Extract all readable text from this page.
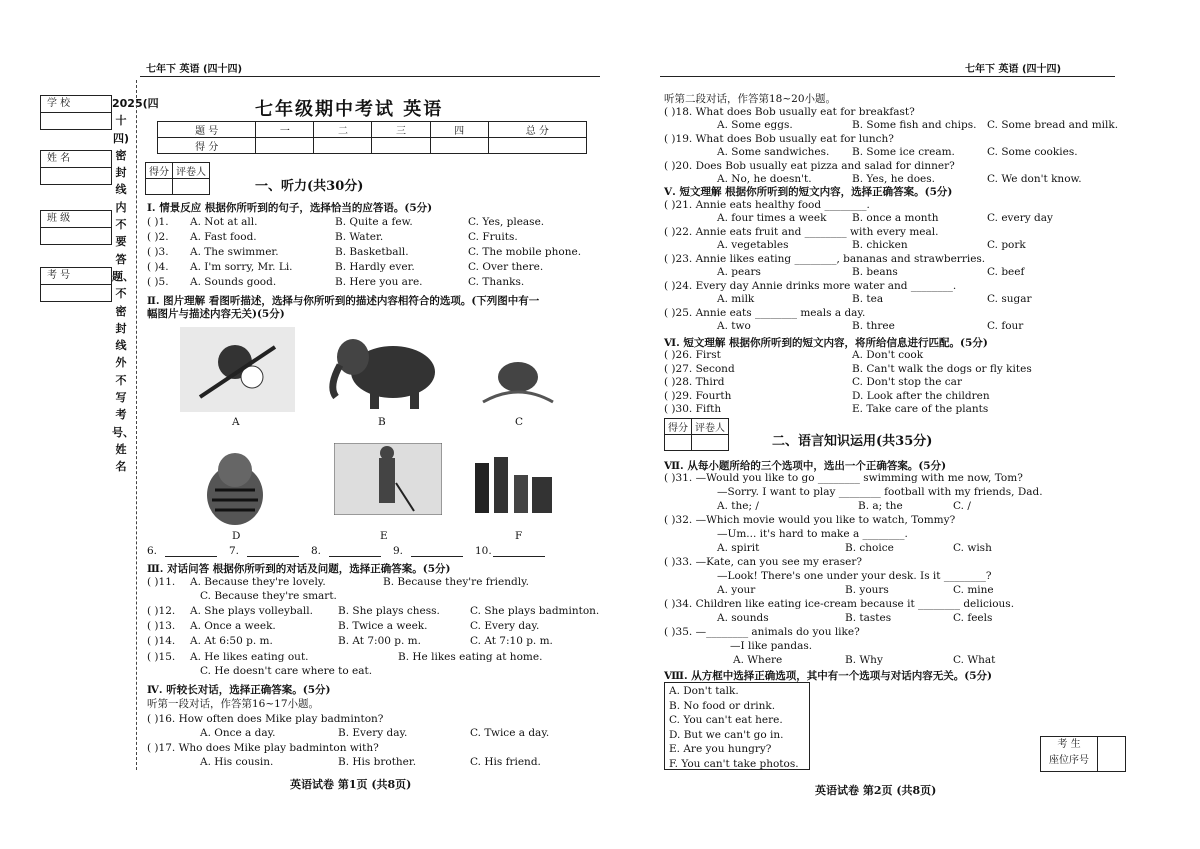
七年下 英语 (四十四)	七年下 英语 (四十四)
学 校
姓 名
班 级
考 号
2025(四十四)密封线内不要答题、不密封线外不写考号、姓名
七年级期中考试 英语
题 号	一	二	三	四	总 分
得 分					
得分	评卷人

一、听力(共30分)
Ⅰ. 情景反应 根据你所听到的句子，选择恰当的应答语。(5分)
( )1. A. Not at all.	B. Quite a few.	C. Yes, please.
( )2. A. Fast food.	B. Water.	C. Fruits.
( )3. A. The swimmer.	B. Basketball.	C. The mobile phone.
( )4. A. I'm sorry, Mr. Li.	B. Hardly ever.	C. Over there.
( )5. A. Sounds good.	B. Here you are.	C. Thanks.
Ⅱ. 图片理解 看图听描述，选择与你所听到的描述内容相符合的选项。(下列图中有一
幅图片与描述内容无关)(5分)
A	B	C
D	E	F
6.	7.	8.	9.	10.
Ⅲ. 对话问答 根据你所听到的对话及问题，选择正确答案。(5分)
( )11. A. Because they're lovely.	B. Because they're friendly.
C. Because they're smart.
( )12. A. She plays volleyball. B. She plays chess.	C. She plays badminton.
( )13. A. Once a week.	B. Twice a week.	C. Every day.
( )14. A. At 6:50 p. m.	B. At 7:00 p. m.	C. At 7:10 p. m.
( )15. A. He likes eating out.	B. He likes eating at home.
C. He doesn't care where to eat.
Ⅳ. 听较长对话，选择正确答案。(5分)
听第一段对话，作答第16~17小题。
( )16. How often does Mike play badminton?
A. Once a day.	B. Every day.	C. Twice a day.
( )17. Who does Mike play badminton with?
A. His cousin.	B. His brother.	C. His friend.
英语试卷 第1页 (共8页)
听第二段对话，作答第18~20小题。
( )18. What does Bob usually eat for breakfast?
A. Some eggs.	B. Some fish and chips. C. Some bread and milk.
( )19. What does Bob usually eat for lunch?
A. Some sandwiches. B. Some ice cream.	C. Some cookies.
( )20. Does Bob usually eat pizza and salad for dinner?
A. No, he doesn't.	B. Yes, he does.	C. We don't know.
Ⅴ. 短文理解 根据你所听到的短文内容，选择正确答案。(5分)
( )21. Annie eats healthy food ________.
A. four times a week B. once a month	C. every day
( )22. Annie eats fruit and ________ with every meal.
A. vegetables	B. chicken	C. pork
( )23. Annie likes eating ________, bananas and strawberries.
A. pears	B. beans	C. beef
( )24. Every day Annie drinks more water and ________.
A. milk	B. tea	C. sugar
( )25. Annie eats ________ meals a day.
A. two	B. three	C. four
Ⅵ. 短文理解 根据你所听到的短文内容，将所给信息进行匹配。(5分)
( )26. First	A. Don't cook
( )27. Second	B. Can't walk the dogs or fly kites
( )28. Third	C. Don't stop the car
( )29. Fourth	D. Look after the children
( )30. Fifth	E. Take care of the plants
得分	评卷人

二、语言知识运用(共35分)
Ⅶ. 从每小题所给的三个选项中，选出一个正确答案。(5分)
( )31. —Would you like to go ________ swimming with me now, Tom?
—Sorry. I want to play ________ football with my friends, Dad.
A. the; /	B. a; the	C. /
( )32. —Which movie would you like to watch, Tommy?
—Um... it's hard to make a ________.
A. spirit	B. choice	C. wish
( )33. —Kate, can you see my eraser?
—Look! There's one under your desk. Is it ________?
A. your	B. yours	C. mine
( )34. Children like eating ice-cream because it ________ delicious.
A. sounds	B. tastes	C. feels
( )35. —________ animals do you like?
—I like pandas.
A. Where	B. Why	C. What
Ⅷ. 从方框中选择正确选项，其中有一个选项与对话内容无关。(5分)
A. Don't talk.
B. No food or drink.
C. You can't eat here.
D. But we can't go in.
E. Are you hungry?
F. You can't take photos.
考 生
座位序号
英语试卷 第2页 (共8页)
